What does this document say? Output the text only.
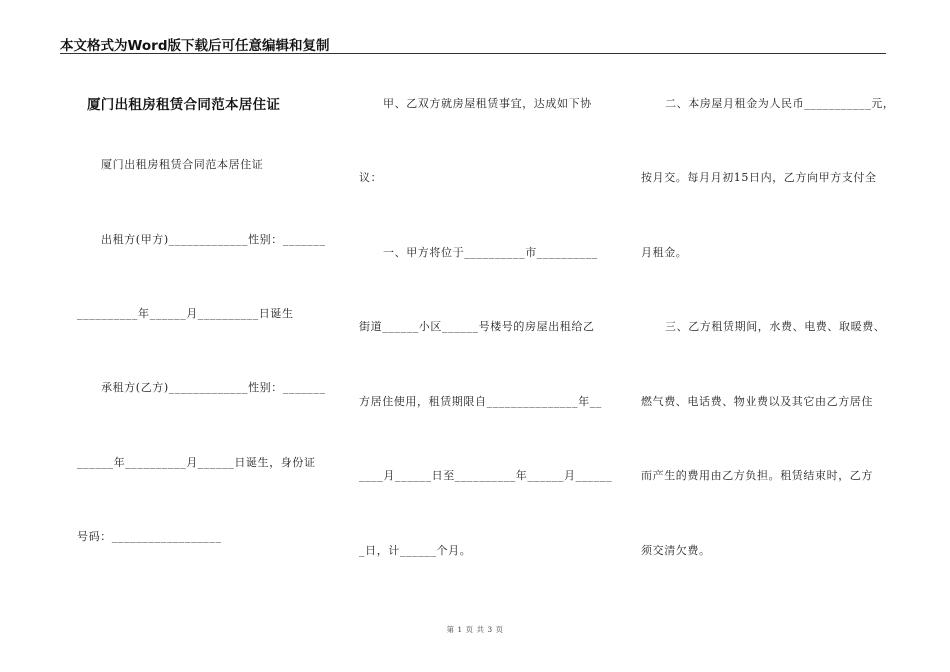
本文格式为Word版下载后可任意编辑和复制
厦门出租房租赁合同范本居住证
厦门出租房租赁合同范本居住证
出租方(甲方)_____________性别：_______
__________年______月__________日诞生
承租方(乙方)_____________性别：_______
______年__________月______日诞生，身份证
号码：__________________
甲、乙双方就房屋租赁事宜，达成如下协
议：
一、甲方将位于__________市__________
街道______小区______号楼号的房屋出租给乙
方居住使用，租赁期限自_______________年__
____月______日至__________年______月______
_日，计______个月。
二、本房屋月租金为人民币___________元，
按月交。每月月初15日内，乙方向甲方支付全
月租金。
三、乙方租赁期间，水费、电费、取暖费、
燃气费、电话费、物业费以及其它由乙方居住
而产生的费用由乙方负担。租赁结束时，乙方
须交清欠费。
第 1 页 共 3 页
